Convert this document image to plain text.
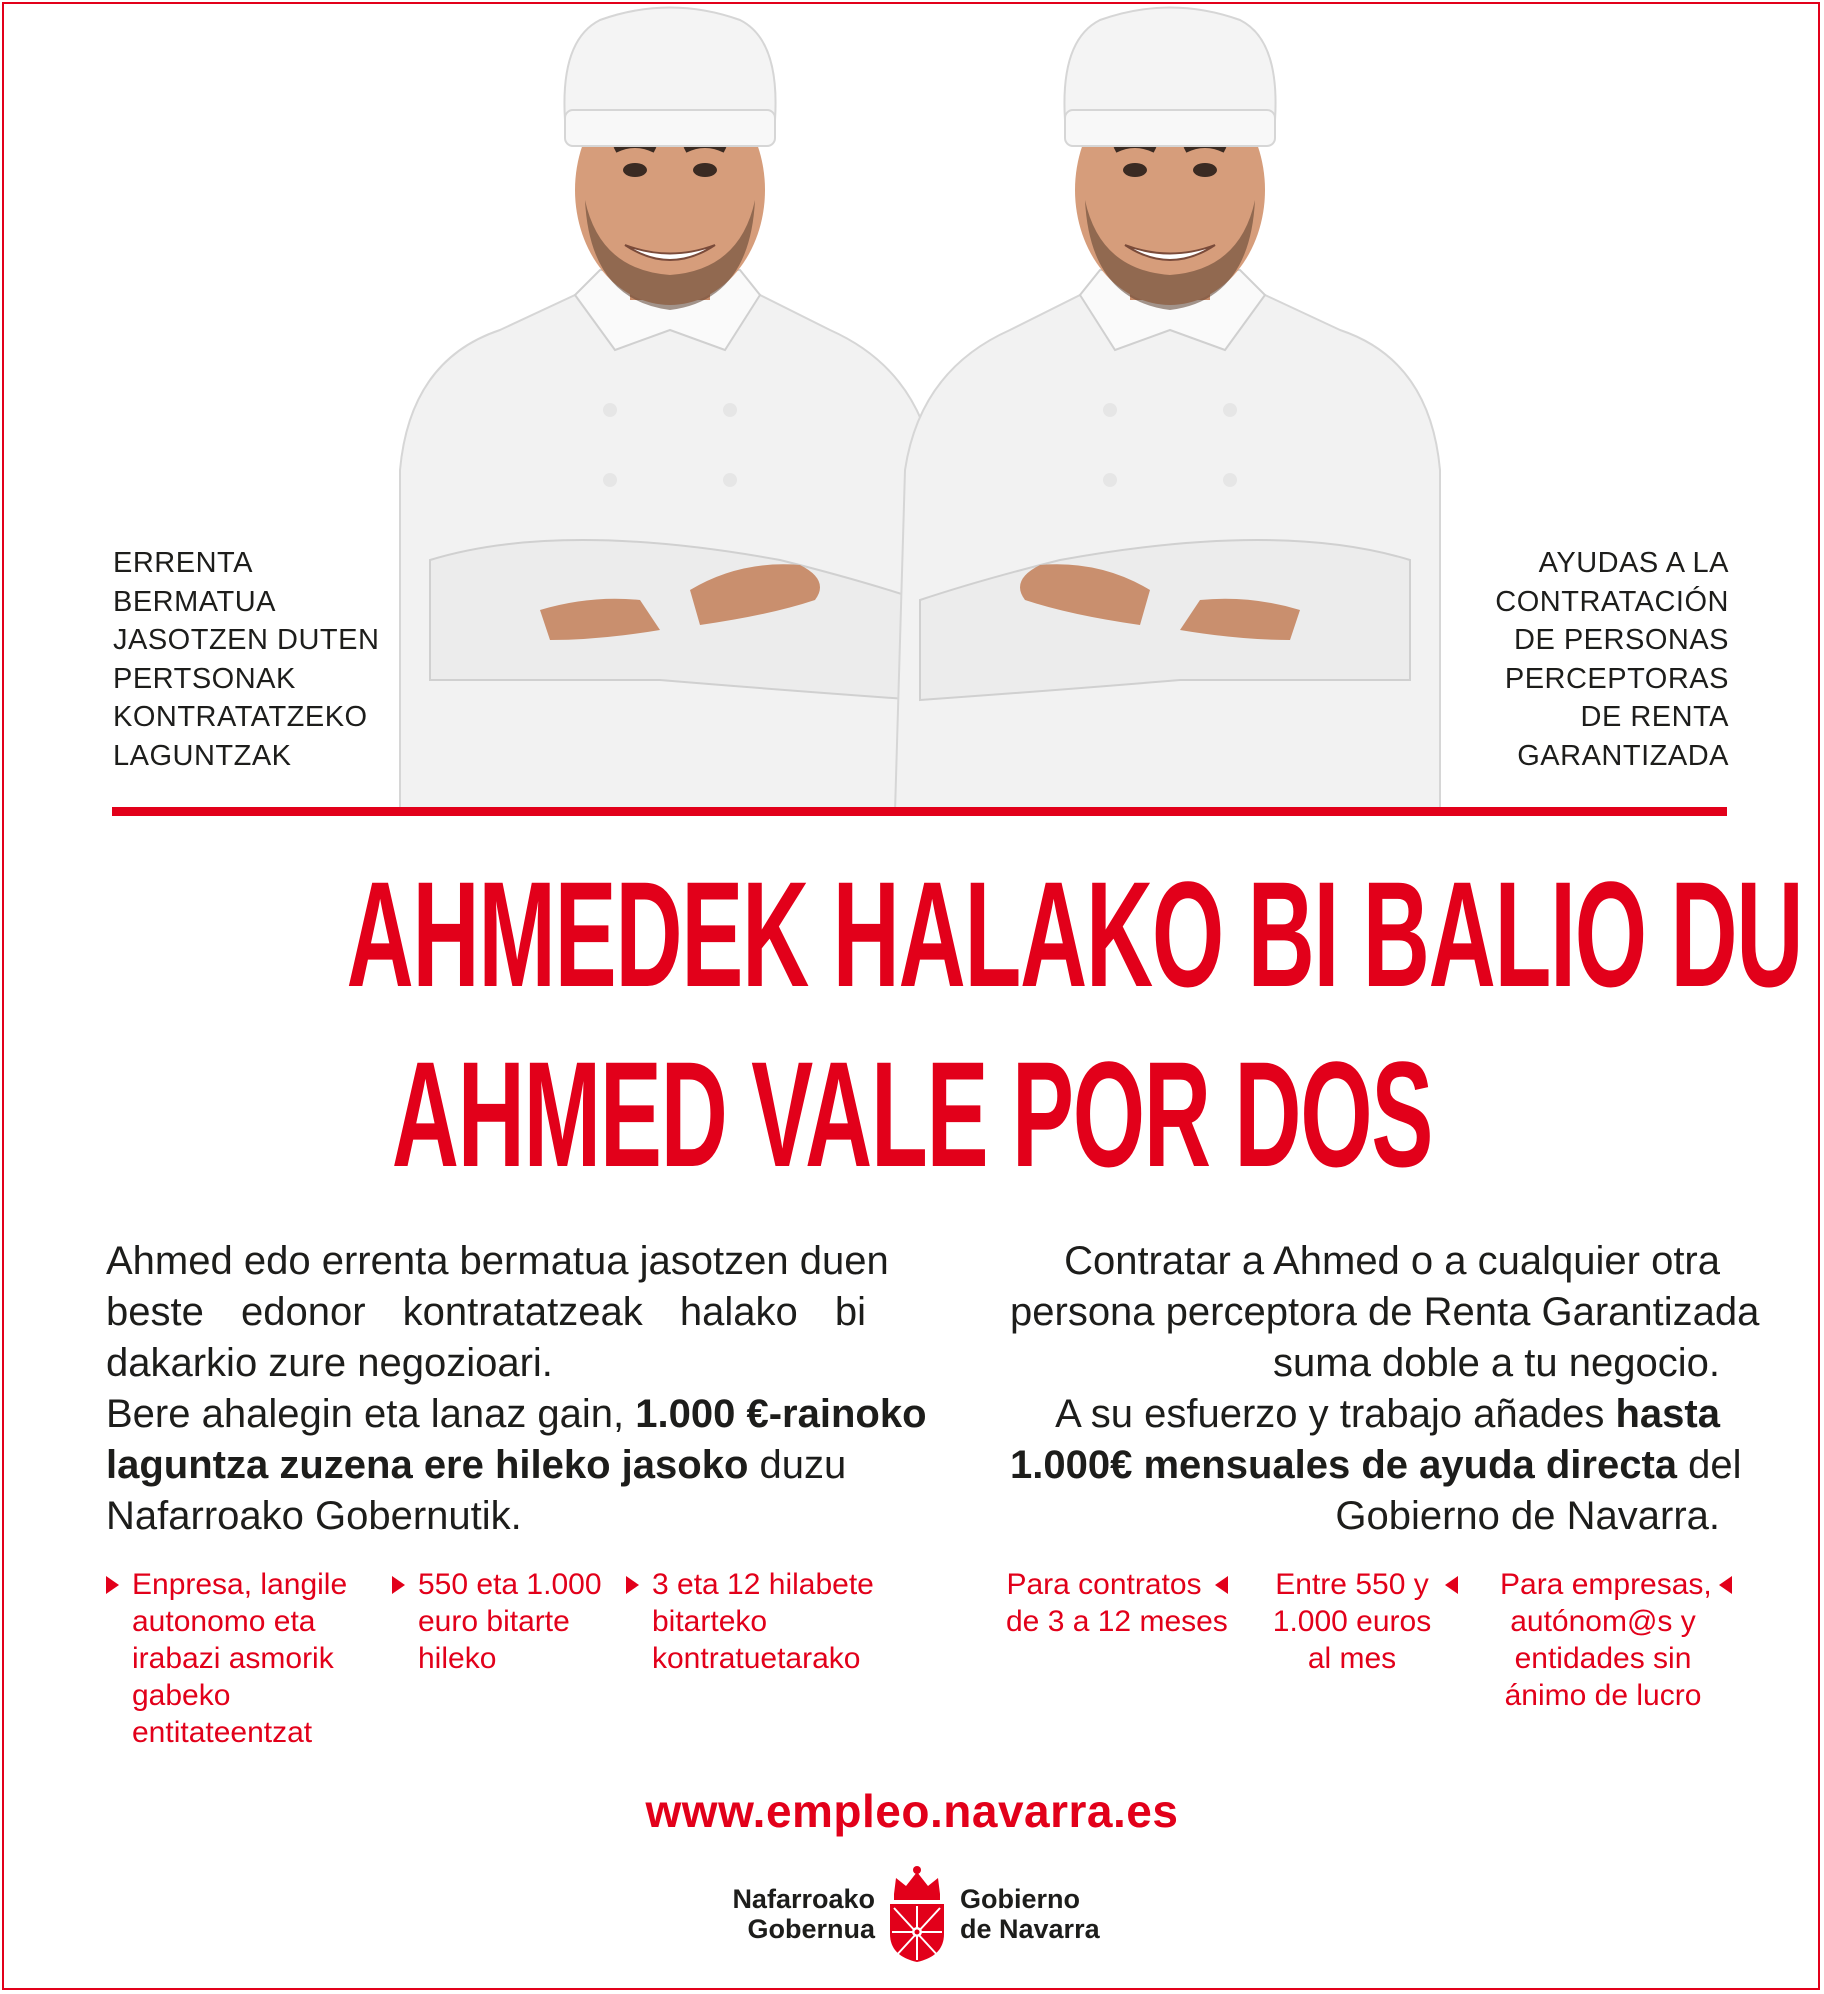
ERRENTA
BERMATUA
JASOTZEN DUTEN
PERTSONAK
KONTRATATZEKO
LAGUNTZAK
AYUDAS A LA
CONTRATACIÓN
DE PERSONAS
PERCEPTORAS
DE RENTA
GARANTIZADA
AHMEDEK HALAKO BI BALIO DU
AHMED VALE POR DOS
Ahmed edo errenta bermatua jasotzen duen
beste edonor kontratatzeak halako bi
dakarkio zure negozioari.
Bere ahalegin eta lanaz gain, 1.000 €-rainoko
laguntza zuzena ere hileko jasoko duzu
Nafarroako Gobernutik.
Contratar a Ahmed o a cualquier otra
persona perceptora de Renta Garantizada
suma doble a tu negocio.
A su esfuerzo y trabajo añades hasta
1.000€ mensuales de ayuda directa del
Gobierno de Navarra.
Enpresa, langile
autonomo eta
irabazi asmorik
gabeko
entitateentzat
550 eta 1.000
euro bitarte
hileko
3 eta 12 hilabete
bitarteko
kontratuetarako
Para contratos
de 3 a 12 meses
Entre 550 y
1.000 euros
al mes
Para empresas,
autónom@s y
entidades sin
ánimo de lucro
www.empleo.navarra.es
Nafarroako
Gobernua
Gobierno
de Navarra
